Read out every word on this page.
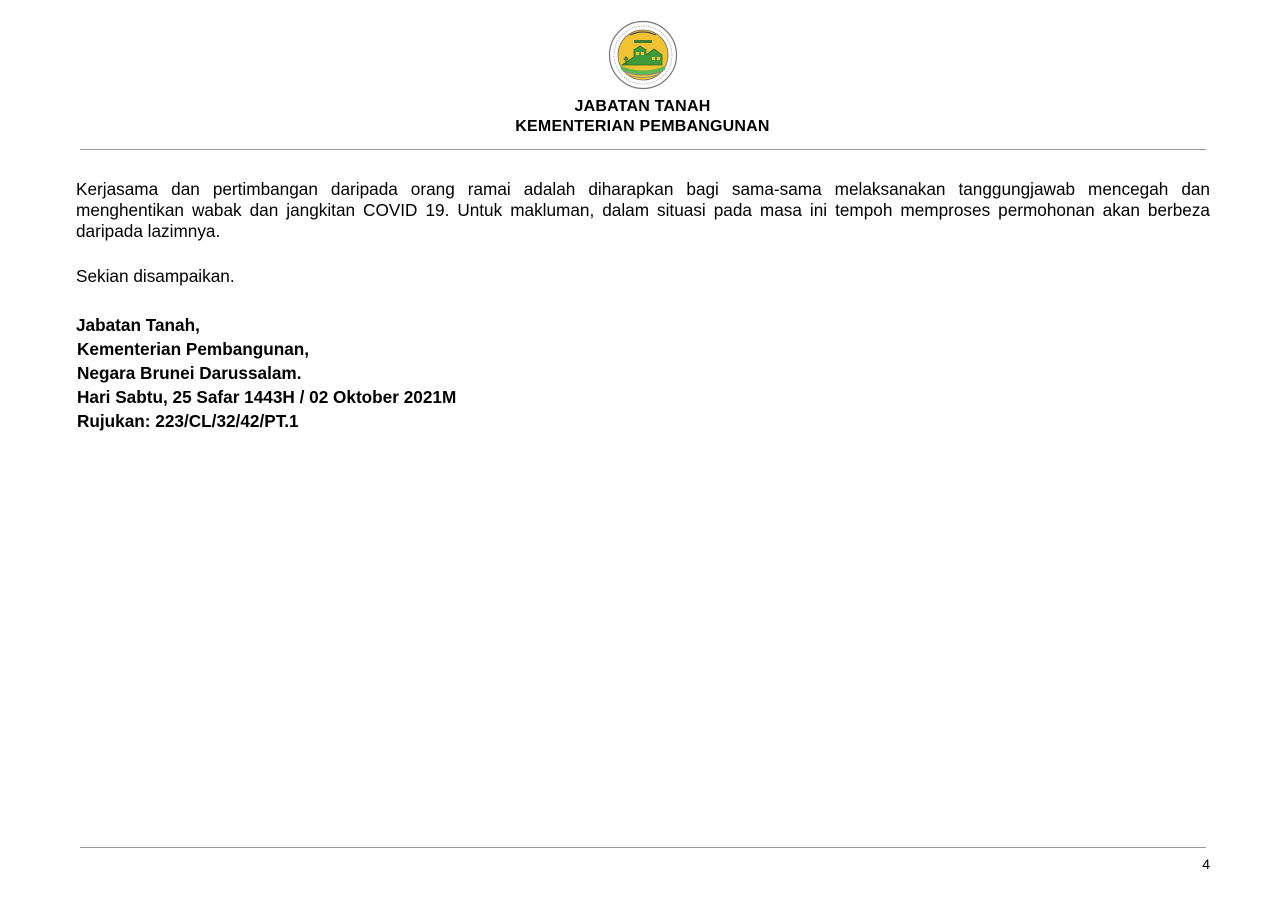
JABATAN TANAH
KEMENTERIAN PEMBANGUNAN

Kerjasama dan pertimbangan daripada orang ramai adalah diharapkan bagi sama-sama melaksanakan tanggungjawab mencegah dan menghentikan wabak dan jangkitan COVID 19. Untuk makluman, dalam situasi pada masa ini tempoh memproses permohonan akan berbeza daripada lazimnya.

Sekian disampaikan.

Jabatan Tanah,
Kementerian Pembangunan,
Negara Brunei Darussalam.
Hari Sabtu, 25 Safar 1443H / 02 Oktober 2021M
Rujukan: 223/CL/32/42/PT.1
4
